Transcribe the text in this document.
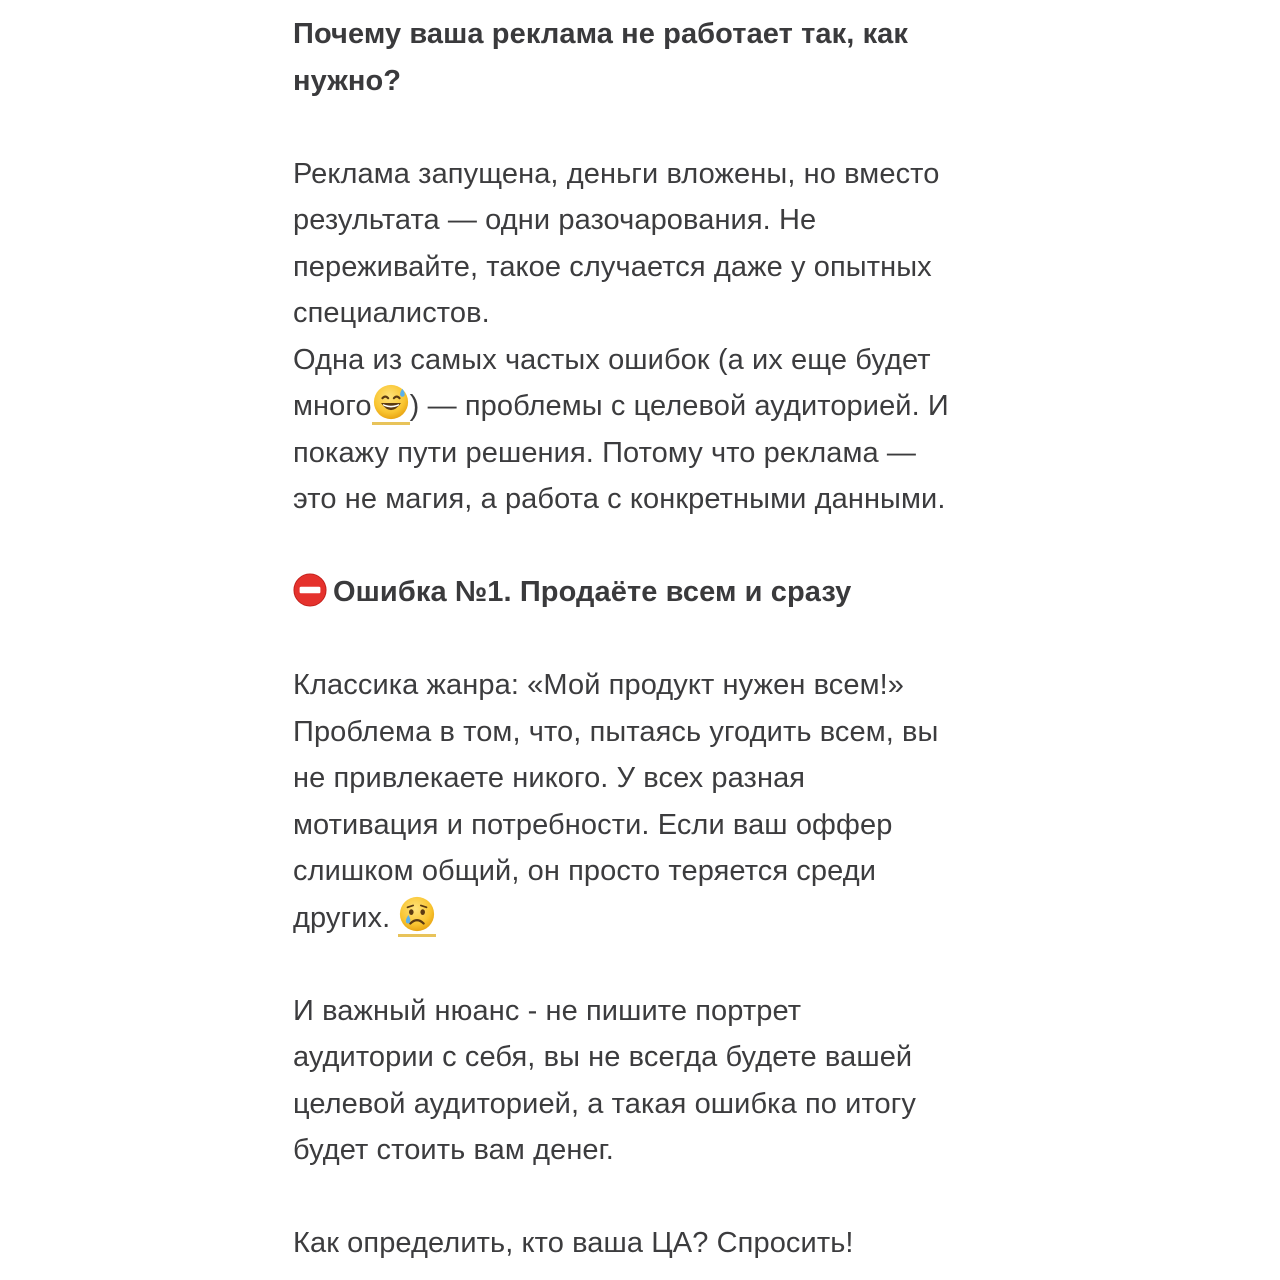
Почему ваша реклама не работает так, как
нужно?
Реклама запущена, деньги вложены, но вместо
результата — одни разочарования. Не
переживайте, такое случается даже у опытных
специалистов.
Одна из самых частых ошибок (а их еще будет
много ) — проблемы с целевой аудиторией. И
покажу пути решения. Потому что реклама —
это не магия, а работа с конкретными данными.
Ошибка №1. Продаёте всем и сразу
Классика жанра: «Мой продукт нужен всем!»
Проблема в том, что, пытаясь угодить всем, вы
не привлекаете никого. У всех разная
мотивация и потребности. Если ваш оффер
слишком общий, он просто теряется среди
других.
И важный нюанс - не пишите портрет
аудитории с себя, вы не всегда будете вашей
целевой аудиторией, а такая ошибка по итогу
будет стоить вам денег.
Как определить, кто ваша ЦА? Спросить!
